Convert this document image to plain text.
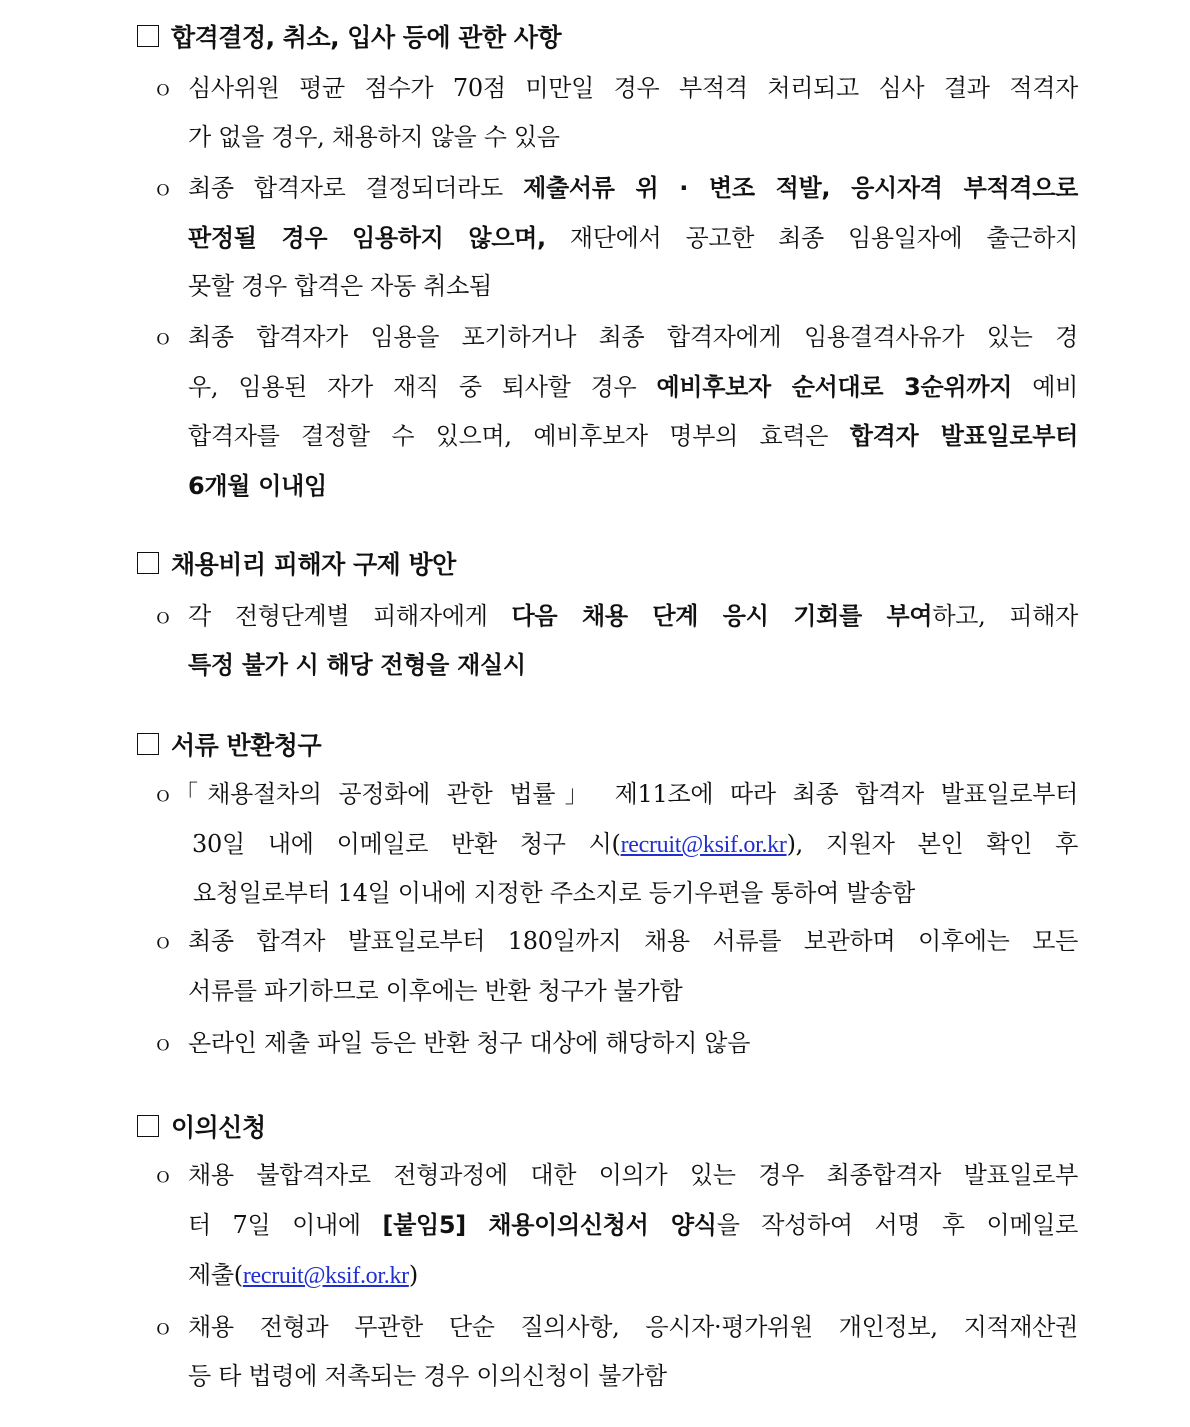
합격결정, 취소, 입사 등에 관한 사항
ｏ 심사위원 평균 점수가 70점 미만일 경우 부적격 처리되고 심사 결과 적격자
가 없을 경우, 채용하지 않을 수 있음
ｏ 최종 합격자로 결정되더라도 제출서류 위 · 변조 적발, 응시자격 부적격으로
판정될 경우 임용하지 않으며, 재단에서 공고한 최종 임용일자에 출근하지
못할 경우 합격은 자동 취소됨
ｏ 최종 합격자가 임용을 포기하거나 최종 합격자에게 임용결격사유가 있는 경
우, 임용된 자가 재직 중 퇴사할 경우 예비후보자 순서대로 3순위까지 예비
합격자를 결정할 수 있으며, 예비후보자 명부의 효력은 합격자 발표일로부터
6개월 이내임
채용비리 피해자 구제 방안
ｏ 각 전형단계별 피해자에게 다음 채용 단계 응시 기회를 부여하고, 피해자
특정 불가 시 해당 전형을 재실시
서류 반환청구
ｏ 「채용절차의 공정화에 관한 법률」 제11조에 따라 최종 합격자 발표일로부터
30일 내에 이메일로 반환 청구 시(recruit@ksif.or.kr), 지원자 본인 확인 후
요청일로부터 14일 이내에 지정한 주소지로 등기우편을 통하여 발송함
ｏ 최종 합격자 발표일로부터 180일까지 채용 서류를 보관하며 이후에는 모든
서류를 파기하므로 이후에는 반환 청구가 불가함
ｏ 온라인 제출 파일 등은 반환 청구 대상에 해당하지 않음
이의신청
ｏ 채용 불합격자로 전형과정에 대한 이의가 있는 경우 최종합격자 발표일로부
터 7일 이내에 [붙임5] 채용이의신청서 양식을 작성하여 서명 후 이메일로
제출(recruit@ksif.or.kr)
ｏ 채용 전형과 무관한 단순 질의사항, 응시자·평가위원 개인정보, 지적재산권
등 타 법령에 저촉되는 경우 이의신청이 불가함
